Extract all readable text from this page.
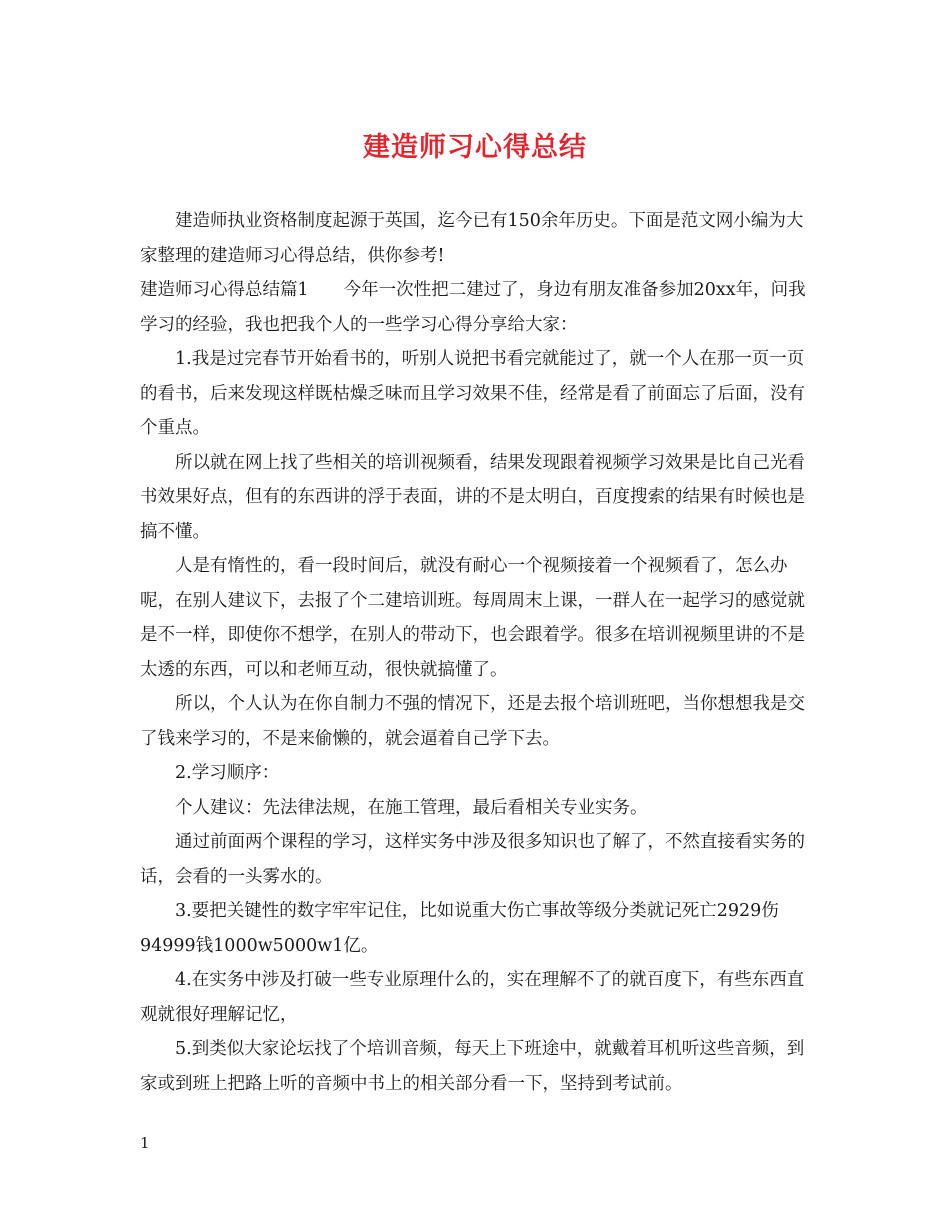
建造师习心得总结

建造师执业资格制度起源于英国，迄今已有150余年历史。下面是范文网小编为大家整理的建造师习心得总结，供你参考!

建造师习心得总结篇1　　今年一次性把二建过了，身边有朋友准备参加20xx年，问我学习的经验，我也把我个人的一些学习心得分享给大家：

1.我是过完春节开始看书的，听别人说把书看完就能过了，就一个人在那一页一页的看书，后来发现这样既枯燥乏味而且学习效果不佳，经常是看了前面忘了后面，没有个重点。

所以就在网上找了些相关的培训视频看，结果发现跟着视频学习效果是比自己光看书效果好点，但有的东西讲的浮于表面，讲的不是太明白，百度搜索的结果有时候也是搞不懂。

人是有惰性的，看一段时间后，就没有耐心一个视频接着一个视频看了，怎么办呢，在别人建议下，去报了个二建培训班。每周周末上课，一群人在一起学习的感觉就是不一样，即使你不想学，在别人的带动下，也会跟着学。很多在培训视频里讲的不是太透的东西，可以和老师互动，很快就搞懂了。

所以，个人认为在你自制力不强的情况下，还是去报个培训班吧，当你想想我是交了钱来学习的，不是来偷懒的，就会逼着自己学下去。

2.学习顺序：

个人建议：先法律法规，在施工管理，最后看相关专业实务。

通过前面两个课程的学习，这样实务中涉及很多知识也了解了，不然直接看实务的话，会看的一头雾水的。

3.要把关键性的数字牢牢记住，比如说重大伤亡事故等级分类就记死亡2929伤94999钱1000w5000w1亿。

4.在实务中涉及打破一些专业原理什么的，实在理解不了的就百度下，有些东西直观就很好理解记忆，

5.到类似大家论坛找了个培训音频，每天上下班途中，就戴着耳机听这些音频，到家或到班上把路上听的音频中书上的相关部分看一下，坚持到考试前。

1
